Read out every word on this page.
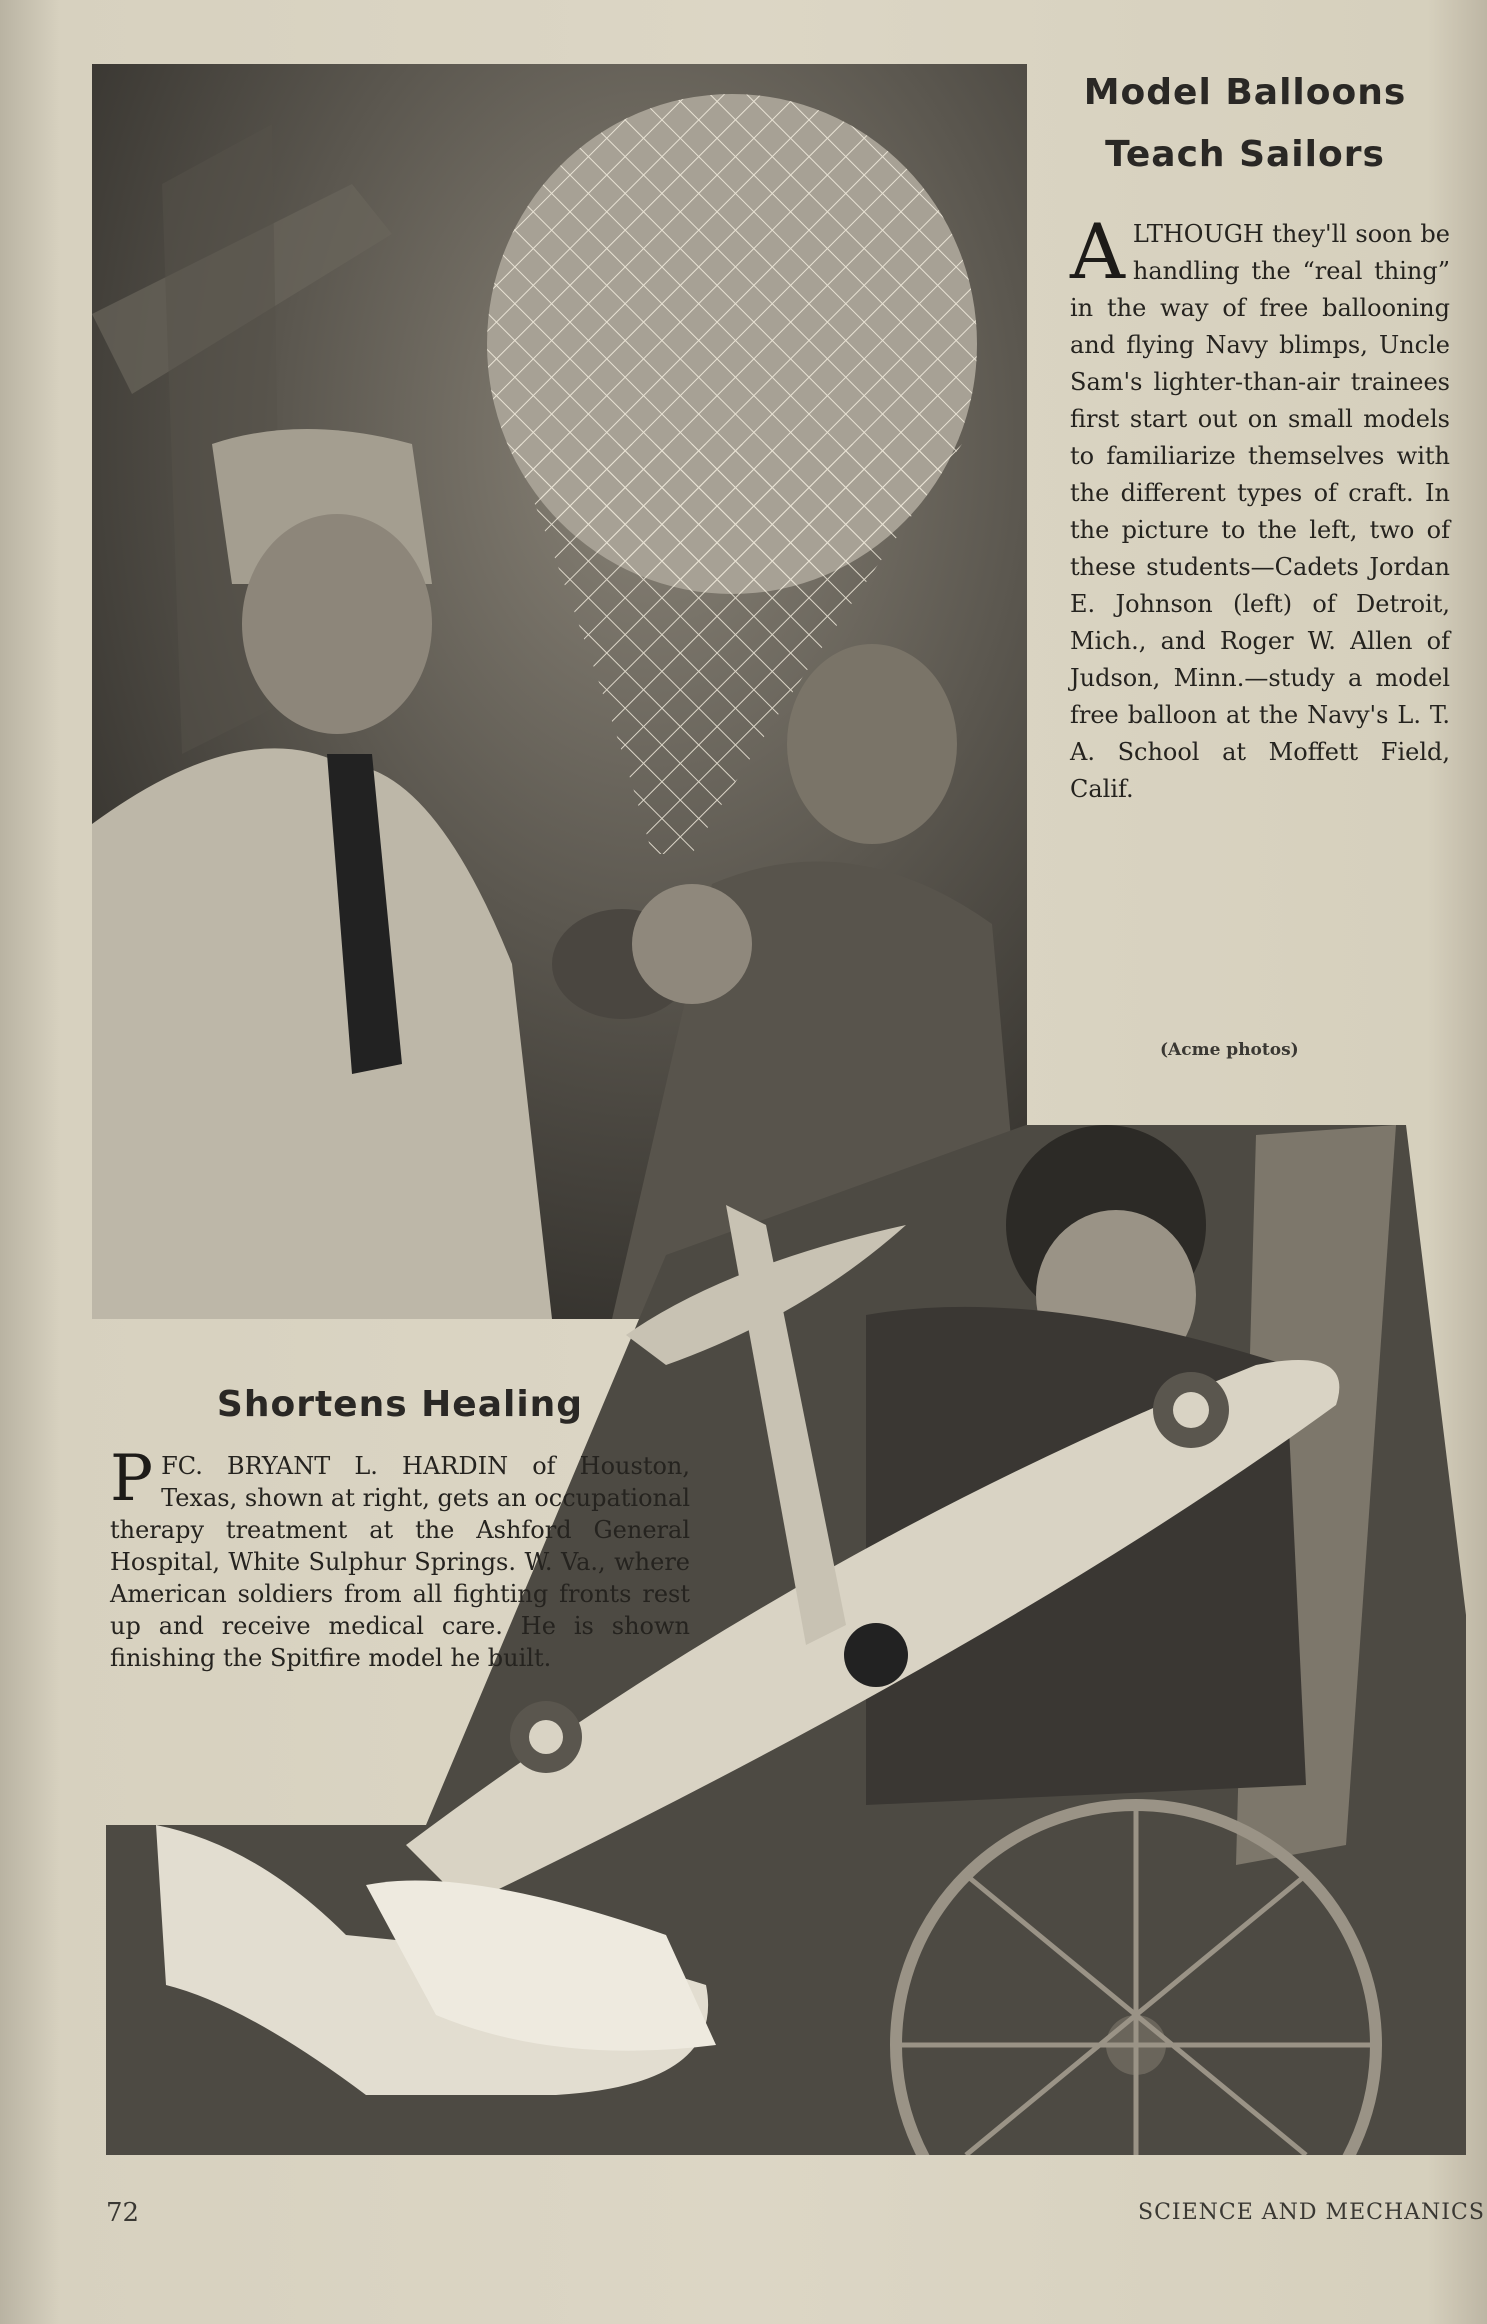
Model Balloons
Teach Sailors
ALTHOUGH they'll soon be handling the “real thing” in the way of free ballooning and flying Navy blimps, Uncle Sam's lighter-than-air trainees first start out on small models to familiarize themselves with the different types of craft. In the picture to the left, two of these students—Cadets Jordan E. Johnson (left) of Detroit, Mich., and Roger W. Allen of Judson, Minn.—study a model free balloon at the Navy's L. T. A. School at Moffett Field, Calif.
(Acme photos)
Shortens Healing
PFC. BRYANT L. HARDIN of Houston, Texas, shown at right, gets an occupational therapy treatment at the Ashford General Hospital, White Sulphur Springs. W. Va., where American soldiers from all fighting fronts rest up and receive medical care. He is shown finishing the Spitfire model he built.
72	SCIENCE AND MECHANICS
